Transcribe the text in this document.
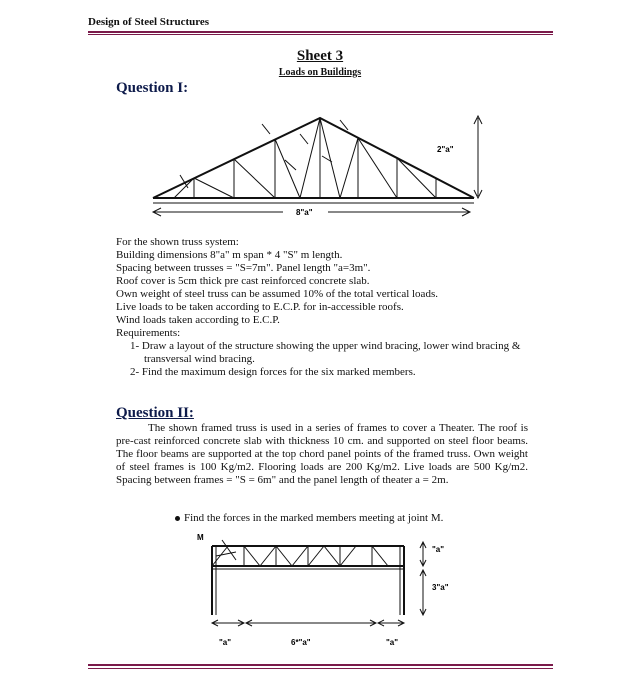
Design of Steel Structures
Sheet 3
Loads on Buildings
Question I:
2"a"
8"a"
For the shown truss system:
Building dimensions 8"a" m span * 4 "S" m length.
Spacing between trusses = "S=7m". Panel length "a=3m".
Roof cover is 5cm thick pre cast reinforced concrete slab.
Own weight of steel truss can be assumed 10% of the total vertical loads.
Live loads to be taken according to E.C.P. for in-accessible roofs.
Wind loads taken according to E.C.P.
Requirements:
1- Draw a layout of the structure showing the upper wind bracing, lower wind bracing & transversal wind bracing.
2- Find the maximum design forces for the six marked members.
Question II:
The shown framed truss is used in a series of frames to cover a Theater. The roof is pre-cast reinforced concrete slab with thickness 10 cm. and supported on steel floor beams. The floor beams are supported at the top chord panel points of the framed truss. Own weight of steel frames is 100 Kg/m2. Flooring loads are 200 Kg/m2. Live loads are 500 Kg/m2. Spacing between frames = "S = 6m" and the panel length of theater a = 2m.
Find the forces in the marked members meeting at joint M.
M
"a"
3"a"
"a"	6*"a"	"a"
